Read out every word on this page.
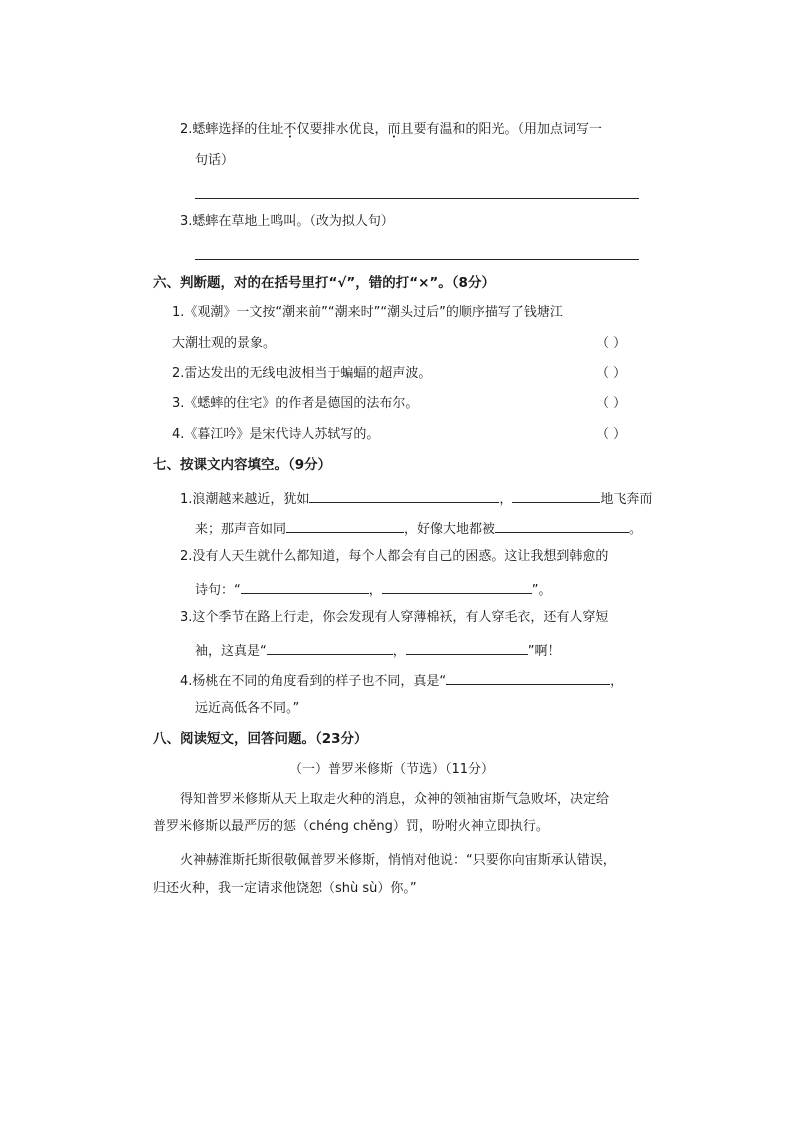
2.蟋蟀选择的住址不仅要排水优良，而且要有温和的阳光。（用加点词写一
句话）
3.蟋蟀在草地上鸣叫。（改为拟人句）
六、判断题，对的在括号里打“√”，错的打“×”。（8分）
1.《观潮》一文按“潮来前”“潮来时”“潮头过后”的顺序描写了钱塘江
大潮壮观的景象。	（ ）
2.雷达发出的无线电波相当于蝙蝠的超声波。	（ ）
3.《蟋蟀的住宅》的作者是德国的法布尔。	（ ）
4.《暮江吟》是宋代诗人苏轼写的。	（ ）
七、按课文内容填空。（9分）
1.浪潮越来越近，犹如	，	地飞奔而
来；那声音如同	，好像大地都被	。
2.没有人天生就什么都知道，每个人都会有自己的困惑。这让我想到韩愈的
诗句：“	，	”。
3.这个季节在路上行走，你会发现有人穿薄棉袄，有人穿毛衣，还有人穿短
袖，这真是“	，	”啊！
4.杨桃在不同的角度看到的样子也不同，真是“	，
远近高低各不同。”
八、阅读短文，回答问题。（23分）
（一）普罗米修斯（节选）（11分）
得知普罗米修斯从天上取走火种的消息，众神的领袖宙斯气急败坏，决定给
普罗米修斯以最严厉的惩（chéng chěng）罚，吩咐火神立即执行。
火神赫淮斯托斯很敬佩普罗米修斯，悄悄对他说：“只要你向宙斯承认错误，
归还火种，我一定请求他饶恕（shù sù）你。”
